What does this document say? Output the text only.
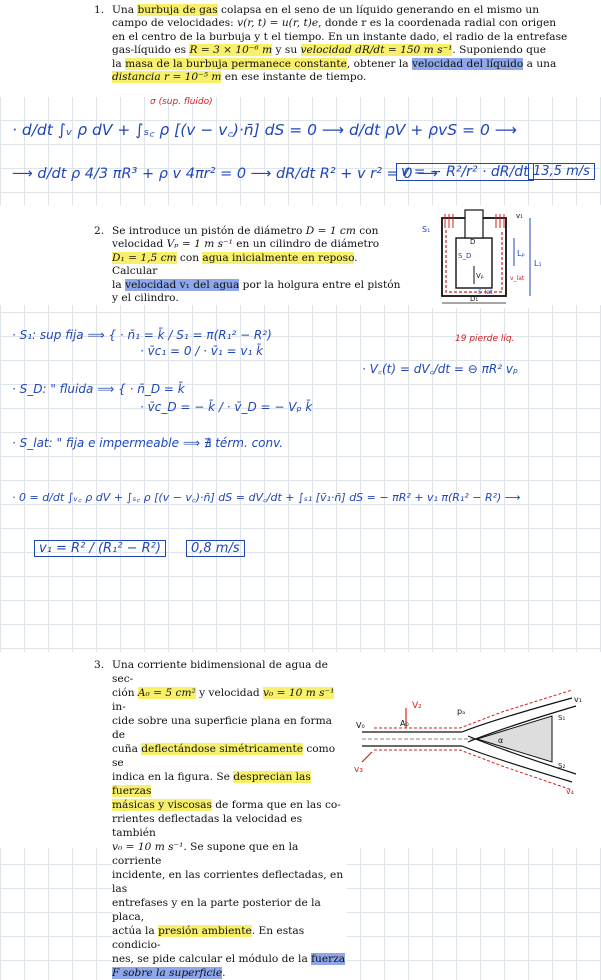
1. Una burbuja de gas colapsa en el seno de un líquido generando en el mismo un
campo de velocidades: v(r, t) = u(r, t)e, donde r es la coordenada radial con origen
en el centro de la burbuja y t el tiempo. En un instante dado, el radio de la entrefase
gas-líquido es R = 3 × 10⁻⁶ m y su velocidad dR/dt = 150 m s⁻¹. Suponiendo que
la masa de la burbuja permanece constante, obtener la velocidad del líquido a una
distancia r = 10⁻⁵ m en ese instante de tiempo.
σ (sup. fluido)
· d/dt ∫ᵥ ρ dV + ∫ₛ꜀ ρ [(v − v꜀)·n̄] dS = 0 ⟶ d/dt ρV + ρvS = 0 ⟶
⟶ d/dt ρ 4/3 πR³ + ρ v 4πr² = 0 ⟶ dR/dt R² + v r² = 0 ⟶
v = − R²/r² · dR/dt 13,5 m/s
2. Se introduce un pistón de diámetro D = 1 cm con
velocidad Vₚ = 1 m s⁻¹ en un cilindro de diámetro
D₁ = 1,5 cm con agua inicialmente en reposo. Calcular
la velocidad v₁ del agua por la holgura entre el pistón
y el cilindro.
S₁
v₁
D
S_D	Lₚ
L₁
Vₚ
S_lat
D₁
v_lat
· S₁: sup fija ⟹ { · n̄₁ = k̄ / S₁ = π(R₁² − R²)
· v̄c₁ = 0 / · v̄₁ = v₁ k̄
· S_D: " fluida ⟹ { · n̄_D = k̄
· v̄c_D = − k̄ / · v̄_D = − Vₚ k̄
19 pierde líq.
· V꜀(t) = dV꜀/dt = ⊖ πR² vₚ
· S_lat: " fija e impermeable ⟹ ∄ térm. conv.
· 0 = d/dt ∫ᵥ꜀ ρ dV + ∫ₛ꜀ ρ [(v − v꜀)·n̄] dS = dV꜀/dt + ∫ₛ₁ [v̄₁·n̄] dS = − πR² + v₁ π(R₁² − R²) ⟶
v₁ = R² / (R₁² − R²)	0,8 m/s
3. Una corriente bidimensional de agua de sec-
ción A₀ = 5 cm² y velocidad v₀ = 10 m s⁻¹ in-
cide sobre una superficie plana en forma de
cuña deflectándose simétricamente como se
indica en la figura. Se desprecian las fuerzas
másicas y viscosas de forma que en las co-
rrientes deflectadas la velocidad es también
v₀ = 10 m s⁻¹. Se supone que en la corriente
incidente, en las corrientes deflectadas, en las
entrefases y en la parte posterior de la placa,
actúa la presión ambiente. En estas condicio-
nes, se pide calcular el módulo de la fuerza
F sobre la superficie.
v₁
V₀	A₀
pₐ
V₂
v₃
S₁
S₂
α
v₄
